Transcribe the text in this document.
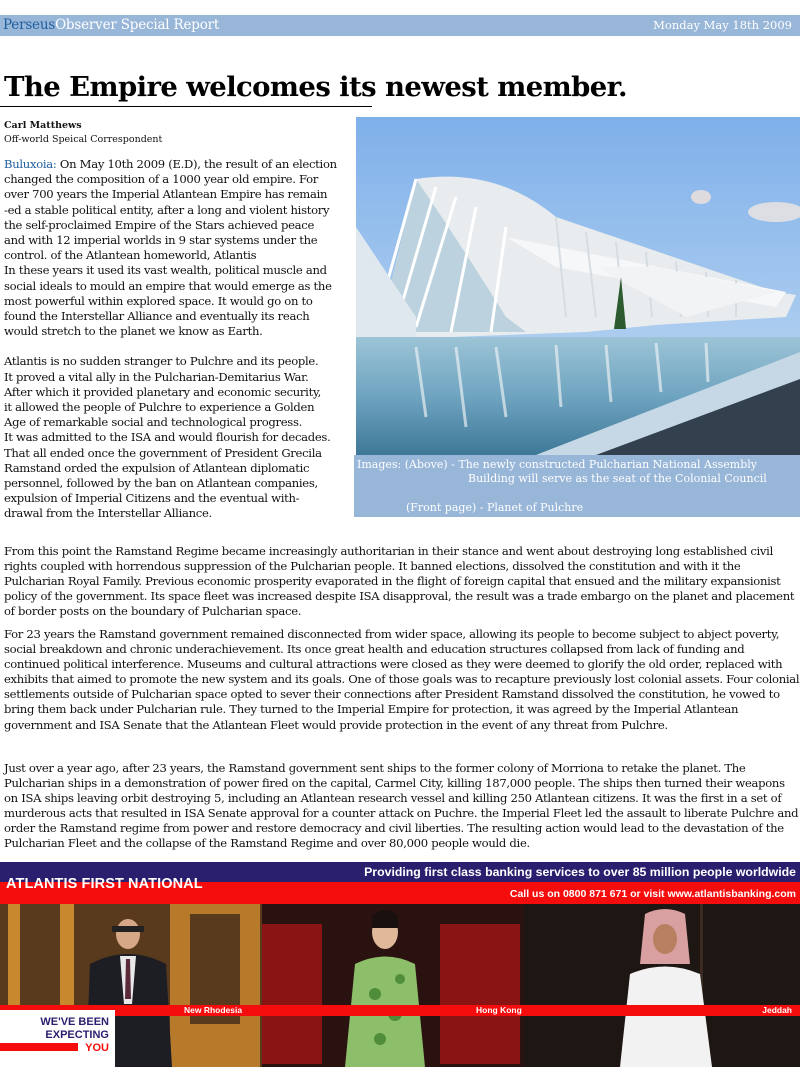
PerseusObserver Special Report	Monday May 18th 2009
The Empire welcomes its newest member.
Carl Matthews
Off-world Speical Correspondent

Buluxoia: On May 10th 2009 (E.D), the result of an election
changed the composition of a 1000 year old empire. For
over 700 years the Imperial Atlantean Empire has remain
-ed a stable political entity, after a long and violent history
the self-proclaimed Empire of the Stars achieved peace
and with 12 imperial worlds in 9 star systems under the
control. of the Atlantean homeworld, Atlantis
In these years it used its vast wealth, political muscle and
social ideals to mould an empire that would emerge as the
most powerful within explored space. It would go on to
found the Interstellar Alliance and eventually its reach
would stretch to the planet we know as Earth.

Atlantis is no sudden stranger to Pulchre and its people.
It proved a vital ally in the Pulcharian-Demitarius War.
After which it provided planetary and economic security,
it allowed the people of Pulchre to experience a Golden
Age of remarkable social and technological progress.
It was admitted to the ISA and would flourish for decades.
That all ended once the government of President Grecila
Ramstand orded the expulsion of Atlantean diplomatic
personnel, followed by the ban on Atlantean companies,
expulsion of Imperial Citizens and the eventual with-
drawal from the Interstellar Alliance.

Images: (Above) - The newly constructed Pulcharian National Assembly
Building will serve as the seat of the Colonial Council
(Front page) - Planet of Pulchre

From this point the Ramstand Regime became increasingly authoritarian in their stance and went about destroying long established civil rights coupled with horrendous suppression of the Pulcharian people. It banned elections, dissolved the constitution and with it the Pulcharian Royal Family. Previous economic prosperity evaporated in the flight of foreign capital that ensued and the military expansionist policy of the government. Its space fleet was increased despite ISA disapproval, the result was a trade embargo on the planet and placement of border posts on the boundary of Pulcharian space.

For 23 years the Ramstand government remained disconnected from wider space, allowing its people to become subject to abject poverty, social breakdown and chronic underachievement. Its once great health and education structures collapsed from lack of funding and continued political interference. Museums and cultural attractions were closed as they were deemed to glorify the old order, replaced with exhibits that aimed to promote the new system and its goals. One of those goals was to recapture previously lost colonial assets. Four colonial settlements outside of Pulcharian space opted to sever their connections after President Ramstand dissolved the constitution, he vowed to bring them back under Pulcharian rule. They turned to the Imperial Empire for protection, it was agreed by the Imperial Atlantean government and ISA Senate that the Atlantean Fleet would provide protection in the event of any threat from Pulchre.

Just over a year ago, after 23 years, the Ramstand government sent ships to the former colony of Morriona to retake the planet. The Pulcharian ships in a demonstration of power fired on the capital, Carmel City, killing 187,000 people. The ships then turned their weapons on ISA ships leaving orbit destroying 5, including an Atlantean research vessel and killing 250 Atlantean citizens. It was the first in a set of murderous acts that resulted in ISA Senate approval for a counter attack on Puchre. the Imperial Fleet led the assault to liberate Pulchre and order the Ramstand regime from power and restore democracy and civil liberties. The resulting action would lead to the devastation of the Pulcharian Fleet and the collapse of the Ramstand Regime and over 80,000 people would die.

ATLANTIS FIRST NATIONAL
Providing first class banking services to over 85 million people worldwide
Call us on 0800 871 671 or visit www.atlantisbanking.com
New Rhodesia	Hong Kong	Jeddah
WE'VE BEEN
EXPECTING
YOU
